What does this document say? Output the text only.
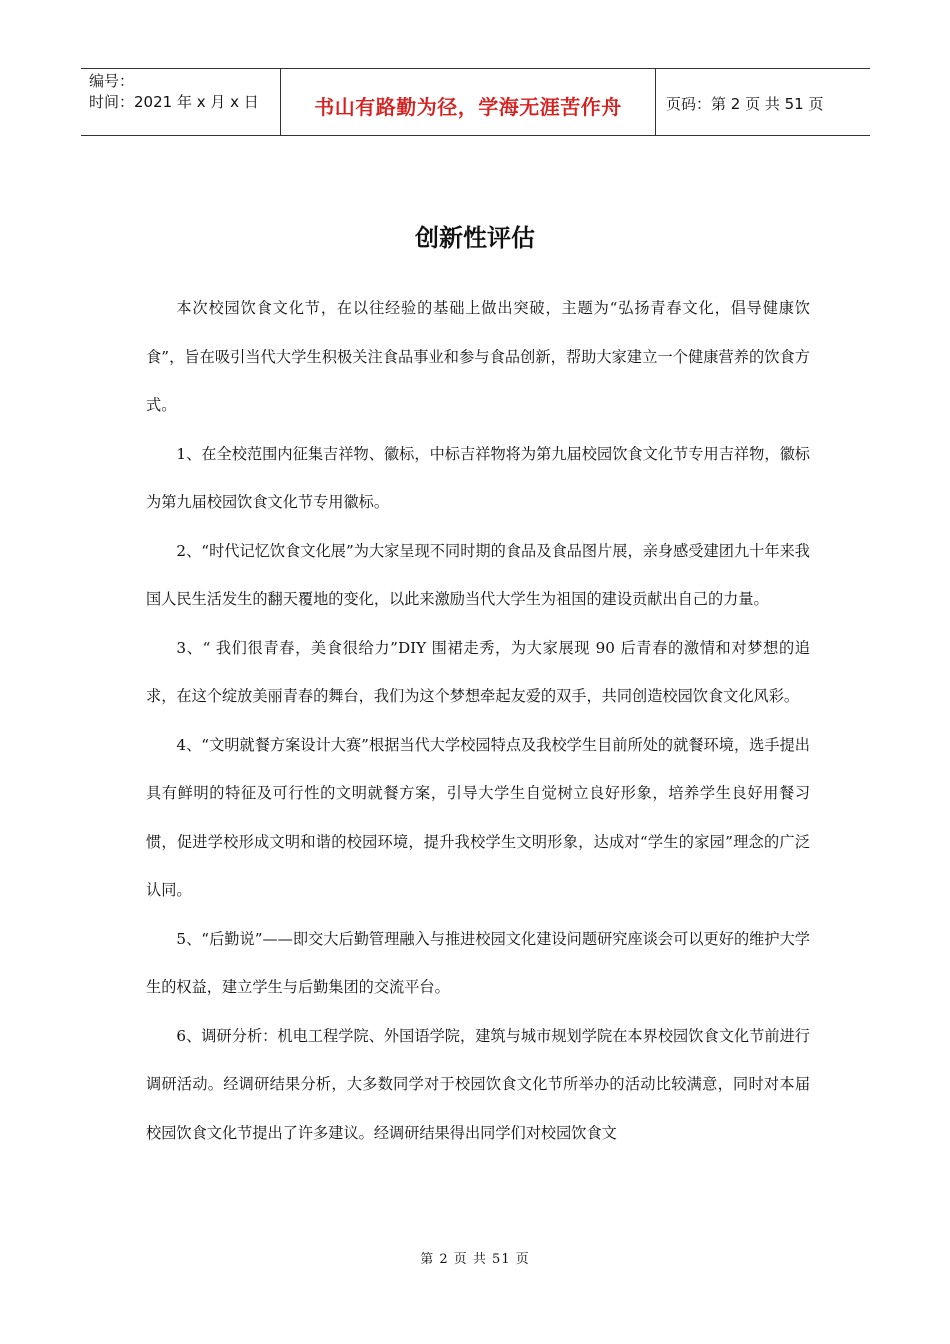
编号：
时间：2021 年 x 月 x 日	书山有路勤为径，学海无涯苦作舟	页码：第 2 页 共 51 页
创新性评估

本次校园饮食文化节，在以往经验的基础上做出突破，主题为“弘扬青春文化，倡导健康饮食”，旨在吸引当代大学生积极关注食品事业和参与食品创新，帮助大家建立一个健康营养的饮食方式。

1、在全校范围内征集吉祥物、徽标，中标吉祥物将为第九届校园饮食文化节专用吉祥物，徽标为第九届校园饮食文化节专用徽标。

2、“时代记忆饮食文化展”为大家呈现不同时期的食品及食品图片展，亲身感受建团九十年来我国人民生活发生的翻天覆地的变化，以此来激励当代大学生为祖国的建设贡献出自己的力量。

3、“ 我们很青春，美食很给力”DIY 围裙走秀，为大家展现 90 后青春的激情和对梦想的追求，在这个绽放美丽青春的舞台，我们为这个梦想牵起友爱的双手，共同创造校园饮食文化风彩。

4、“文明就餐方案设计大赛”根据当代大学校园特点及我校学生目前所处的就餐环境，选手提出具有鲜明的特征及可行性的文明就餐方案，引导大学生自觉树立良好形象，培养学生良好用餐习惯，促进学校形成文明和谐的校园环境，提升我校学生文明形象，达成对“学生的家园”理念的广泛认同。

5、“后勤说”——即交大后勤管理融入与推进校园文化建设问题研究座谈会可以更好的维护大学生的权益，建立学生与后勤集团的交流平台。

6、调研分析：机电工程学院、外国语学院，建筑与城市规划学院在本界校园饮食文化节前进行调研活动。经调研结果分析，大多数同学对于校园饮食文化节所举办的活动比较满意，同时对本届校园饮食文化节提出了许多建议。经调研结果得出同学们对校园饮食文

第 2 页 共 51 页
